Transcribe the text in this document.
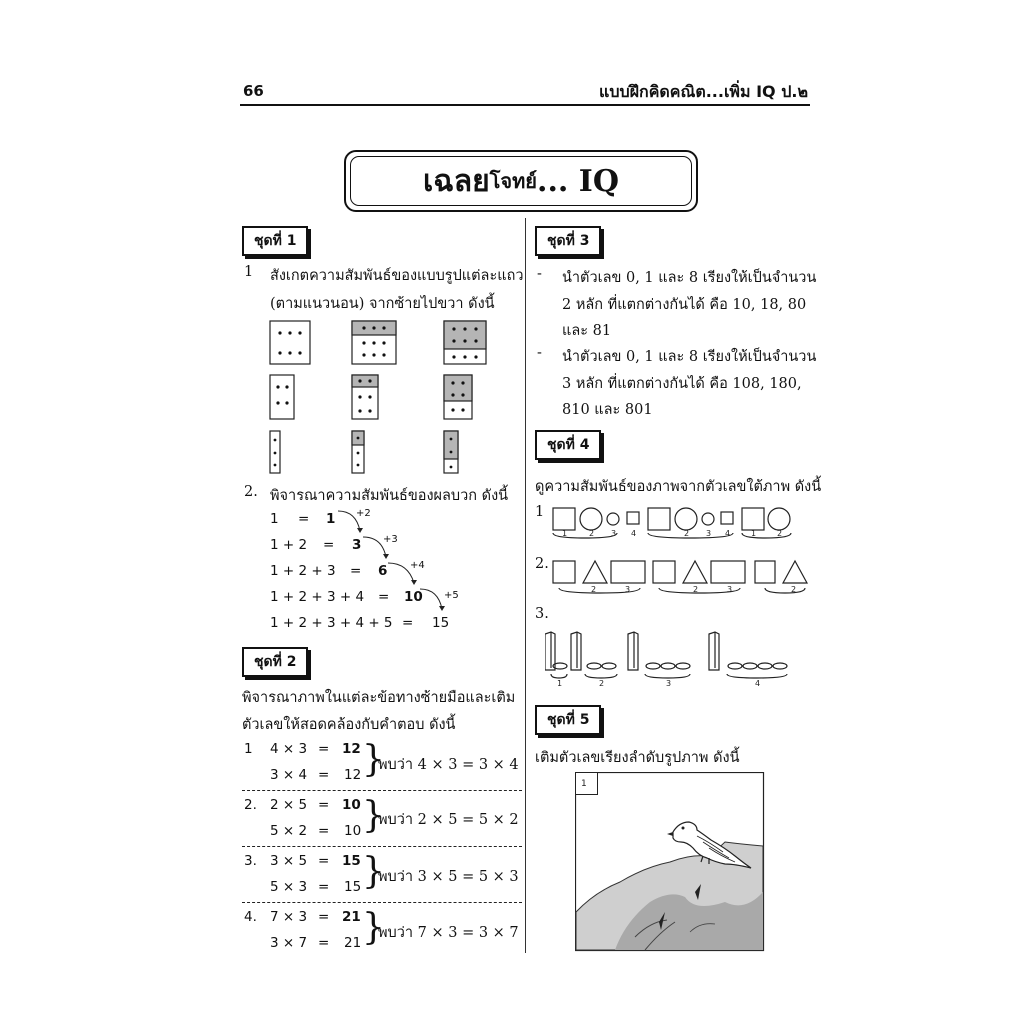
66	แบบฝึกคิดคณิต...เพิ่ม IQ ป.๒
เฉลย โจทย์ ... IQ
ชุดที่ 1
1 สังเกตความสัมพันธ์ของแบบรูปแต่ละแถว
(ตามแนวนอน) จากซ้ายไปขวา ดังนี้
2. พิจารณาความสัมพันธ์ของผลบวก ดังนี้
1 = 1 +2
1 + 2 = 3 +3
1 + 2 + 3 = 6 +4
1 + 2 + 3 + 4 = 10 +5
1 + 2 + 3 + 4 + 5 = 15
ชุดที่ 2
พิจารณาภาพในแต่ละข้อทางซ้ายมือและเติม
ตัวเลขให้สอดคล้องกับคำตอบ ดังนี้
1 4 × 3 = 12
3 × 4 = 12 }
พบว่า 4 × 3 = 3 × 4
2. 2 × 5 = 10
5 × 2 = 10 }
พบว่า 2 × 5 = 5 × 2
3. 3 × 5 = 15
5 × 3 = 15 }
พบว่า 3 × 5 = 5 × 3
4. 7 × 3 = 21
3 × 7 = 21 }
พบว่า 7 × 3 = 3 × 7
ชุดที่ 3
- นำตัวเลข 0, 1 และ 8 เรียงให้เป็นจำนวน
2 หลัก ที่แตกต่างกันได้ คือ 10, 18, 80
และ 81
- นำตัวเลข 0, 1 และ 8 เรียงให้เป็นจำนวน
3 หลัก ที่แตกต่างกันได้ คือ 108, 180,
810 และ 801
ชุดที่ 4
ดูความสัมพันธ์ของภาพจากตัวเลขใต้ภาพ ดังนี้
1
2.
3.
1	2 3 4	2 3 4	1	2
2	3	2	3	2
1	2	3	4
ชุดที่ 5
เติมตัวเลขเรียงลำดับรูปภาพ ดังนี้
1
